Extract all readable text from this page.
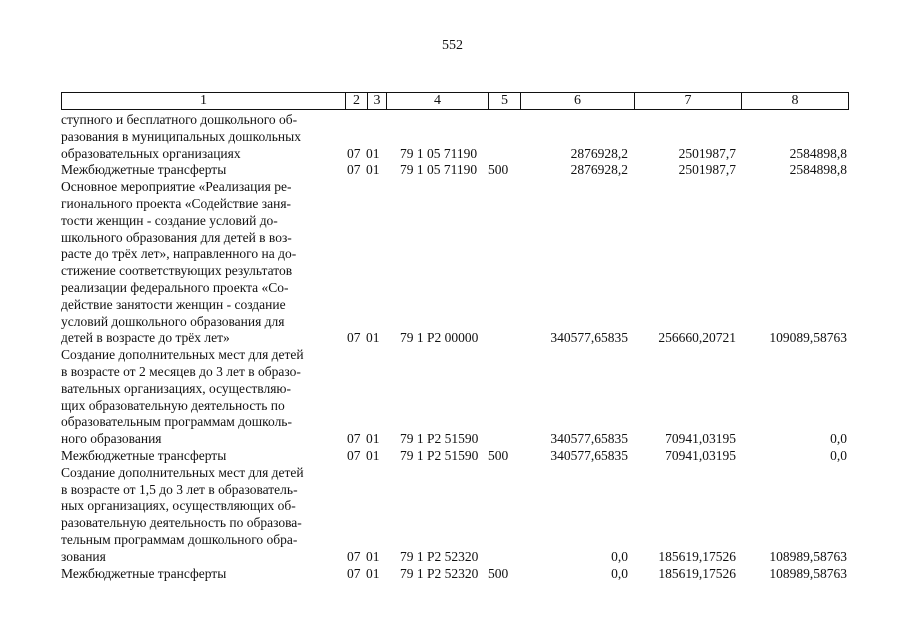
552
1	2 3	4	5	6	7	8
ступного и бесплатного дошкольного об-
разования в муниципальных дошкольных
образовательных организациях	07 01	79 1 05 71190	2876928,2	2501987,7	2584898,8
Межбюджетные трансферты	07 01	79 1 05 71190 500	2876928,2	2501987,7	2584898,8
Основное мероприятие «Реализация ре-
гионального проекта «Содействие заня-
тости женщин - создание условий до-
школьного образования для детей в воз-
расте до трёх лет», направленного на до-
стижение соответствующих результатов
реализации федерального проекта «Со-
действие занятости женщин - создание
условий дошкольного образования для
детей в возрасте до трёх лет»	07 01	79 1 Р2 00000	340577,65835	256660,20721	109089,58763
Создание дополнительных мест для детей
в возрасте от 2 месяцев до 3 лет в образо-
вательных организациях, осуществляю-
щих образовательную деятельность по
образовательным программам дошколь-
ного образования	07 01	79 1 Р2 51590	340577,65835	70941,03195	0,0
Межбюджетные трансферты	07 01	79 1 Р2 51590 500	340577,65835	70941,03195	0,0
Создание дополнительных мест для детей
в возрасте от 1,5 до 3 лет в образователь-
ных организациях, осуществляющих об-
разовательную деятельность по образова-
тельным программам дошкольного обра-
зования	07 01	79 1 Р2 52320	0,0	185619,17526	108989,58763
Межбюджетные трансферты	07 01	79 1 Р2 52320 500	0,0	185619,17526	108989,58763
